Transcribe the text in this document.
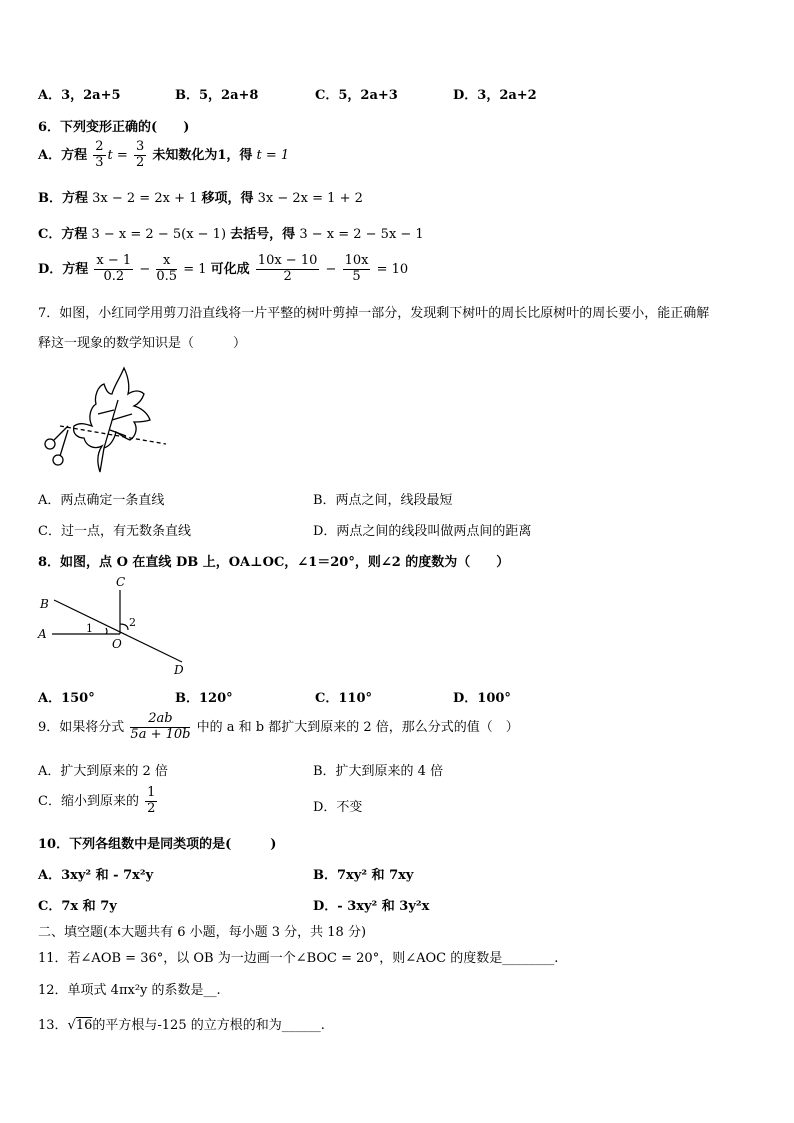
A．3，2a+5	B．5，2a+8	C．5，2a+3	D．3，2a+2
6．下列变形正确的(　　)
A．方程 $\frac{2}{3}$ $t = \frac{3}{2}$ 未知数化为1，得 t = 1
B．方程 3x − 2 = 2x + 1 移项，得 3x − 2x = 1 + 2
C．方程 3 − x = 2 − 5(x − 1) 去括号，得 3 − x = 2 − 5x − 1
D．方程 $\frac{x - 1}{0.2} - \frac{x}{0.5} = 1$ 可化成 $\frac{10x - 10}{2} - \frac{10x}{5} = 10$
7．如图，小红同学用剪刀沿直线将一片平整的树叶剪掉一部分，发现剩下树叶的周长比原树叶的周长要小，能正确解
释这一现象的数学知识是（　　　）
A．两点确定一条直线	B．两点之间，线段最短
C．过一点，有无数条直线	D．两点之间的线段叫做两点间的距离
8．如图，点 O 在直线 DB 上，OA⊥OC，∠1＝20°，则∠2 的度数为（　　）
B
A
C
O
D
1	2
A．150°	B．120°	C．110°	D．100°
9．如果将分式 $\frac{2ab}{5a + 10b}$ 中的 a 和 b 都扩大到原来的 2 倍，那么分式的值（　）
A．扩大到原来的 2 倍	B．扩大到原来的 4 倍
C．缩小到原来的 $\frac{1}{2}$	D．不变
10．下列各组数中是同类项的是(　　　)
A．3xy² 和 - 7x²y	B．7xy² 和 7xy
C．7x 和 7y	D．- 3xy² 和 3y²x
二、填空题(本大题共有 6 小题，每小题 3 分，共 18 分)
11．若∠AOB = 36°，以 OB 为一边画一个∠BOC = 20°，则∠AOC 的度数是________.
12．单项式 4πx²y 的系数是__.
13．√16的平方根与-125 的立方根的和为______.
